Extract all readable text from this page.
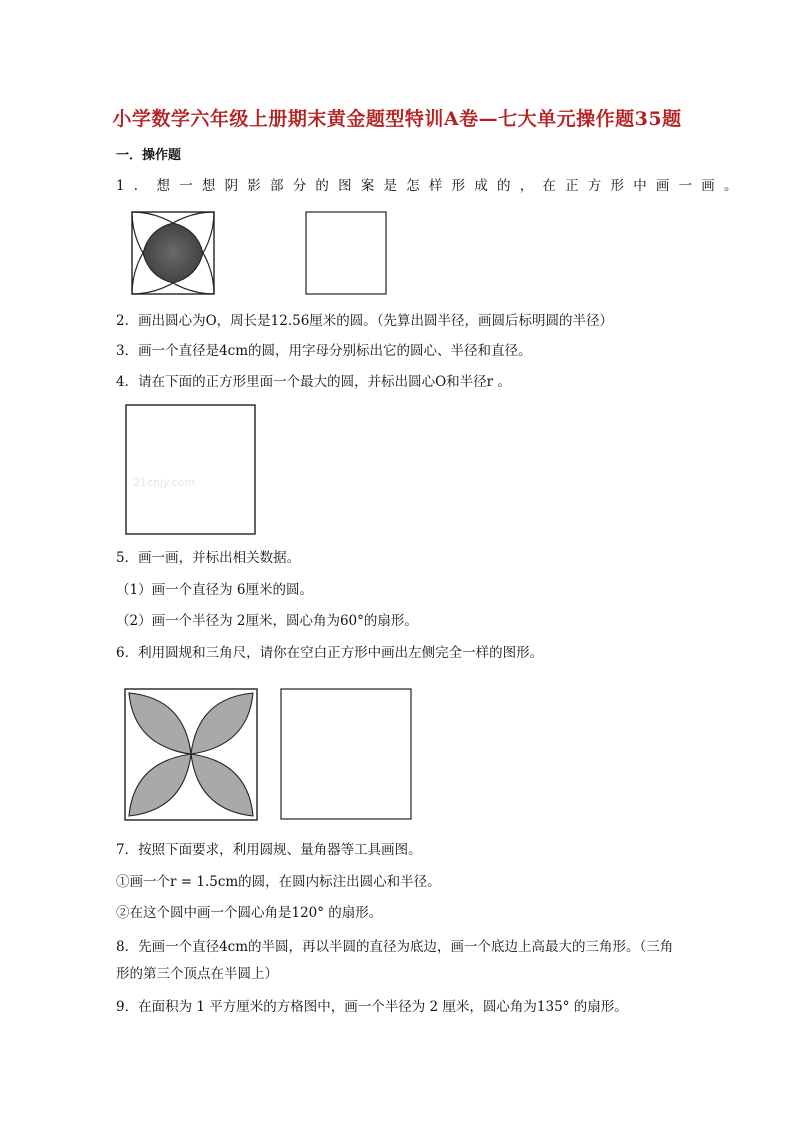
小学数学六年级上册期末黄金题型特训A卷—七大单元操作题35题
一．操作题
1．想一想阴影部分的图案是怎样形成的，在正方形中画一画。
2．画出圆心为O，周长是12.56厘米的圆。（先算出圆半径，画圆后标明圆的半径）
3．画一个直径是4cm的圆，用字母分别标出它的圆心、半径和直径。
4．请在下面的正方形里面一个最大的圆，并标出圆心O和半径r 。
21cnjy.com
5．画一画，并标出相关数据。
（1）画一个直径为 6厘米的圆。
（2）画一个半径为 2厘米，圆心角为60°的扇形。
6．利用圆规和三角尺，请你在空白正方形中画出左侧完全一样的图形。
7．按照下面要求，利用圆规、量角器等工具画图。
①画一个r = 1.5cm的圆，在圆内标注出圆心和半径。
②在这个圆中画一个圆心角是120° 的扇形。
8．先画一个直径4cm的半圆，再以半圆的直径为底边，画一个底边上高最大的三角形。（三角形的第三个顶点在半圆上）
9．在面积为 1 平方厘米的方格图中，画一个半径为 2 厘米，圆心角为135° 的扇形。
